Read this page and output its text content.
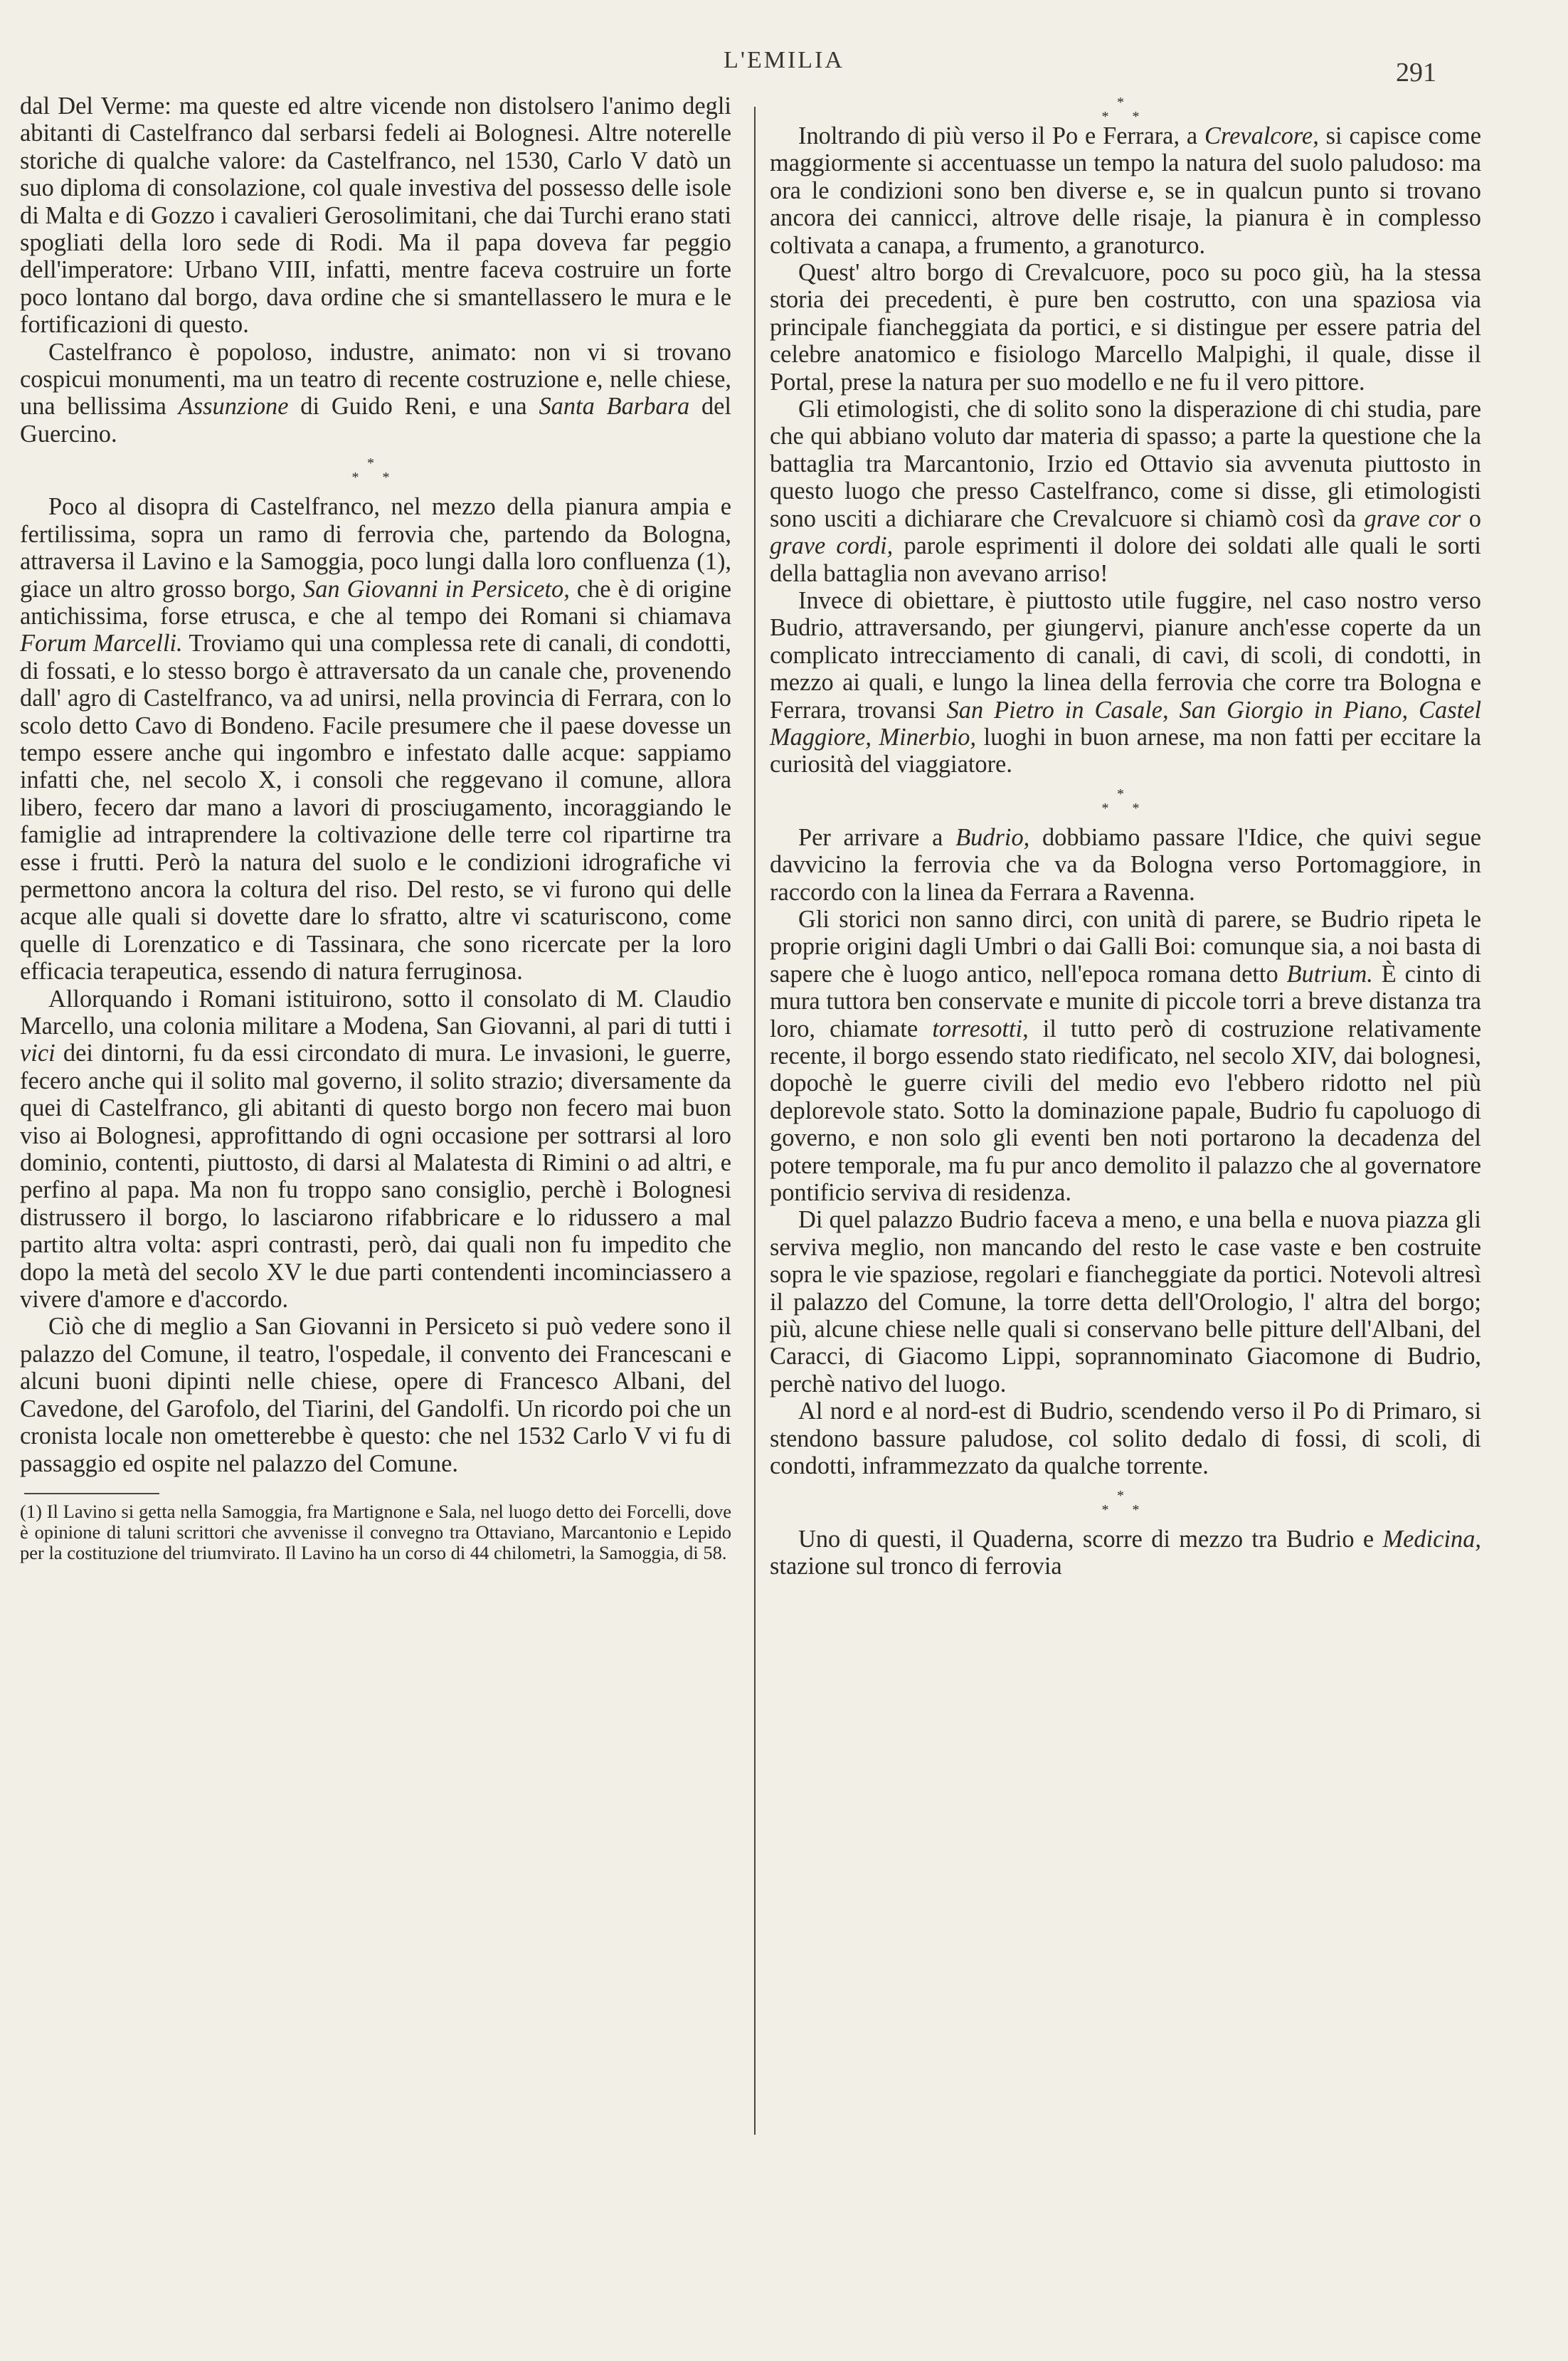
L'EMILIA	291

dal Del Verme: ma queste ed altre vicende non distolsero l'animo degli abitanti di Castelfranco dal serbarsi fedeli ai Bolognesi. Altre noterelle storiche di qualche valore: da Castelfranco, nel 1530, Carlo V datò un suo diploma di consolazione, col quale investiva del possesso delle isole di Malta e di Gozzo i cavalieri Gerosolimitani, che dai Turchi erano stati spogliati della loro sede di Rodi. Ma il papa doveva far peggio dell'imperatore: Urbano VIII, infatti, mentre faceva costruire un forte poco lontano dal borgo, dava ordine che si smantellassero le mura e le fortificazioni di questo.

Castelfranco è popoloso, industre, animato: non vi si trovano cospicui monumenti, ma un teatro di recente costruzione e, nelle chiese, una bellissima Assunzione di Guido Reni, e una Santa Barbara del Guercino.

*
* *

Poco al disopra di Castelfranco, nel mezzo della pianura ampia e fertilissima, sopra un ramo di ferrovia che, partendo da Bologna, attraversa il Lavino e la Samoggia, poco lungi dalla loro confluenza (1), giace un altro grosso borgo, San Giovanni in Persiceto, che è di origine antichissima, forse etrusca, e che al tempo dei Romani si chiamava Forum Marcelli. Troviamo qui una complessa rete di canali, di condotti, di fossati, e lo stesso borgo è attraversato da un canale che, provenendo dall' agro di Castelfranco, va ad unirsi, nella provincia di Ferrara, con lo scolo detto Cavo di Bondeno. Facile presumere che il paese dovesse un tempo essere anche qui ingombro e infestato dalle acque: sappiamo infatti che, nel secolo X, i consoli che reggevano il comune, allora libero, fecero dar mano a lavori di prosciugamento, incoraggiando le famiglie ad intraprendere la coltivazione delle terre col ripartirne tra esse i frutti. Però la natura del suolo e le condizioni idrografiche vi permettono ancora la coltura del riso. Del resto, se vi furono qui delle acque alle quali si dovette dare lo sfratto, altre vi scaturiscono, come quelle di Lorenzatico e di Tassinara, che sono ricercate per la loro efficacia terapeutica, essendo di natura ferruginosa.

Allorquando i Romani istituirono, sotto il consolato di M. Claudio Marcello, una colonia militare a Modena, San Giovanni, al pari di tutti i vici dei dintorni, fu da essi circondato di mura. Le invasioni, le guerre, fecero anche qui il solito mal governo, il solito strazio; diversamente da quei di Castelfranco, gli abitanti di questo borgo non fecero mai buon viso ai Bolognesi, approfittando di ogni occasione per sottrarsi al loro dominio, contenti, piuttosto, di darsi al Malatesta di Rimini o ad altri, e perfino al papa. Ma non fu troppo sano consiglio, perchè i Bolognesi distrussero il borgo, lo lasciarono rifabbricare e lo ridussero a mal partito altra volta: aspri contrasti, però, dai quali non fu impedito che dopo la metà del secolo XV le due parti contendenti incominciassero a vivere d'amore e d'accordo.

Ciò che di meglio a San Giovanni in Persiceto si può vedere sono il palazzo del Comune, il teatro, l'ospedale, il convento dei Francescani e alcuni buoni dipinti nelle chiese, opere di Francesco Albani, del Cavedone, del Garofolo, del Tiarini, del Gandolfi. Un ricordo poi che un cronista locale non ometterebbe è questo: che nel 1532 Carlo V vi fu di passaggio ed ospite nel palazzo del Comune.

(1) Il Lavino si getta nella Samoggia, fra Martignone e Sala, nel luogo detto dei Forcelli, dove è opinione di taluni scrittori che avvenisse il convegno tra Ottaviano, Marcantonio e Lepido per la costituzione del triumvirato. Il Lavino ha un corso di 44 chilometri, la Samoggia, di 58.

*
* *

Inoltrando di più verso il Po e Ferrara, a Crevalcore, si capisce come maggiormente si accentuasse un tempo la natura del suolo paludoso: ma ora le condizioni sono ben diverse e, se in qualcun punto si trovano ancora dei cannicci, altrove delle risaje, la pianura è in complesso coltivata a canapa, a frumento, a granoturco.

Quest' altro borgo di Crevalcuore, poco su poco giù, ha la stessa storia dei precedenti, è pure ben costrutto, con una spaziosa via principale fiancheggiata da portici, e si distingue per essere patria del celebre anatomico e fisiologo Marcello Malpighi, il quale, disse il Portal, prese la natura per suo modello e ne fu il vero pittore.

Gli etimologisti, che di solito sono la disperazione di chi studia, pare che qui abbiano voluto dar materia di spasso; a parte la questione che la battaglia tra Marcantonio, Irzio ed Ottavio sia avvenuta piuttosto in questo luogo che presso Castelfranco, come si disse, gli etimologisti sono usciti a dichiarare che Crevalcuore si chiamò così da grave cor o grave cordi, parole esprimenti il dolore dei soldati alle quali le sorti della battaglia non avevano arriso!

Invece di obiettare, è piuttosto utile fuggire, nel caso nostro verso Budrio, attraversando, per giungervi, pianure anch'esse coperte da un complicato intrecciamento di canali, di cavi, di scoli, di condotti, in mezzo ai quali, e lungo la linea della ferrovia che corre tra Bologna e Ferrara, trovansi San Pietro in Casale, San Giorgio in Piano, Castel Maggiore, Minerbio, luoghi in buon arnese, ma non fatti per eccitare la curiosità del viaggiatore.

*
* *

Per arrivare a Budrio, dobbiamo passare l'Idice, che quivi segue davvicino la ferrovia che va da Bologna verso Portomaggiore, in raccordo con la linea da Ferrara a Ravenna.

Gli storici non sanno dirci, con unità di parere, se Budrio ripeta le proprie origini dagli Umbri o dai Galli Boi: comunque sia, a noi basta di sapere che è luogo antico, nell'epoca romana detto Butrium. È cinto di mura tuttora ben conservate e munite di piccole torri a breve distanza tra loro, chiamate torresotti, il tutto però di costruzione relativamente recente, il borgo essendo stato riedificato, nel secolo XIV, dai bolognesi, dopochè le guerre civili del medio evo l'ebbero ridotto nel più deplorevole stato. Sotto la dominazione papale, Budrio fu capoluogo di governo, e non solo gli eventi ben noti portarono la decadenza del potere temporale, ma fu pur anco demolito il palazzo che al governatore pontificio serviva di residenza.

Di quel palazzo Budrio faceva a meno, e una bella e nuova piazza gli serviva meglio, non mancando del resto le case vaste e ben costruite sopra le vie spaziose, regolari e fiancheggiate da portici. Notevoli altresì il palazzo del Comune, la torre detta dell'Orologio, l' altra del borgo; più, alcune chiese nelle quali si conservano belle pitture dell'Albani, del Caracci, di Giacomo Lippi, soprannominato Giacomone di Budrio, perchè nativo del luogo.

Al nord e al nord-est di Budrio, scendendo verso il Po di Primaro, si stendono bassure paludose, col solito dedalo di fossi, di scoli, di condotti, inframmezzato da qualche torrente.

*
* *

Uno di questi, il Quaderna, scorre di mezzo tra Budrio e Medicina, stazione sul tronco di ferrovia
